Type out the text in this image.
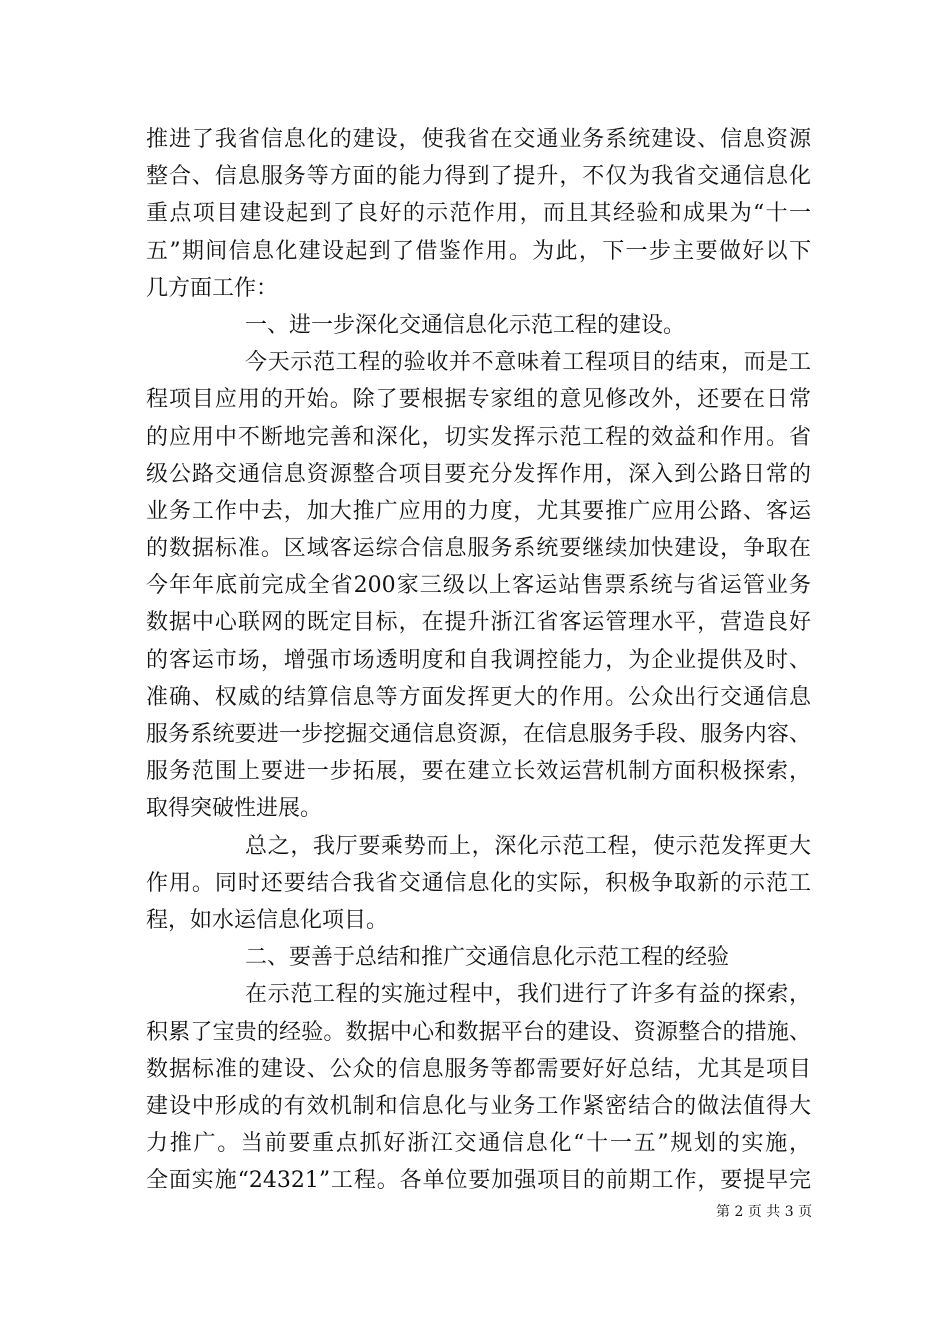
推进了我省信息化的建设，使我省在交通业务系统建设、信息资源
整合、信息服务等方面的能力得到了提升，不仅为我省交通信息化
重点项目建设起到了良好的示范作用，而且其经验和成果为“十一
五”期间信息化建设起到了借鉴作用。为此，下一步主要做好以下
几方面工作：
一、进一步深化交通信息化示范工程的建设。
今天示范工程的验收并不意味着工程项目的结束，而是工
程项目应用的开始。除了要根据专家组的意见修改外，还要在日常
的应用中不断地完善和深化，切实发挥示范工程的效益和作用。省
级公路交通信息资源整合项目要充分发挥作用，深入到公路日常的
业务工作中去，加大推广应用的力度，尤其要推广应用公路、客运
的数据标准。区域客运综合信息服务系统要继续加快建设，争取在
今年年底前完成全省200家三级以上客运站售票系统与省运管业务
数据中心联网的既定目标，在提升浙江省客运管理水平，营造良好
的客运市场，增强市场透明度和自我调控能力，为企业提供及时、
准确、权威的结算信息等方面发挥更大的作用。公众出行交通信息
服务系统要进一步挖掘交通信息资源，在信息服务手段、服务内容、
服务范围上要进一步拓展，要在建立长效运营机制方面积极探索，
取得突破性进展。
总之，我厅要乘势而上，深化示范工程，使示范发挥更大
作用。同时还要结合我省交通信息化的实际，积极争取新的示范工
程，如水运信息化项目。
二、要善于总结和推广交通信息化示范工程的经验
在示范工程的实施过程中，我们进行了许多有益的探索，
积累了宝贵的经验。数据中心和数据平台的建设、资源整合的措施、
数据标准的建设、公众的信息服务等都需要好好总结，尤其是项目
建设中形成的有效机制和信息化与业务工作紧密结合的做法值得大
力推广。当前要重点抓好浙江交通信息化“十一五”规划的实施，
全面实施“24321”工程。各单位要加强项目的前期工作，要提早完
第 2 页 共 3 页
